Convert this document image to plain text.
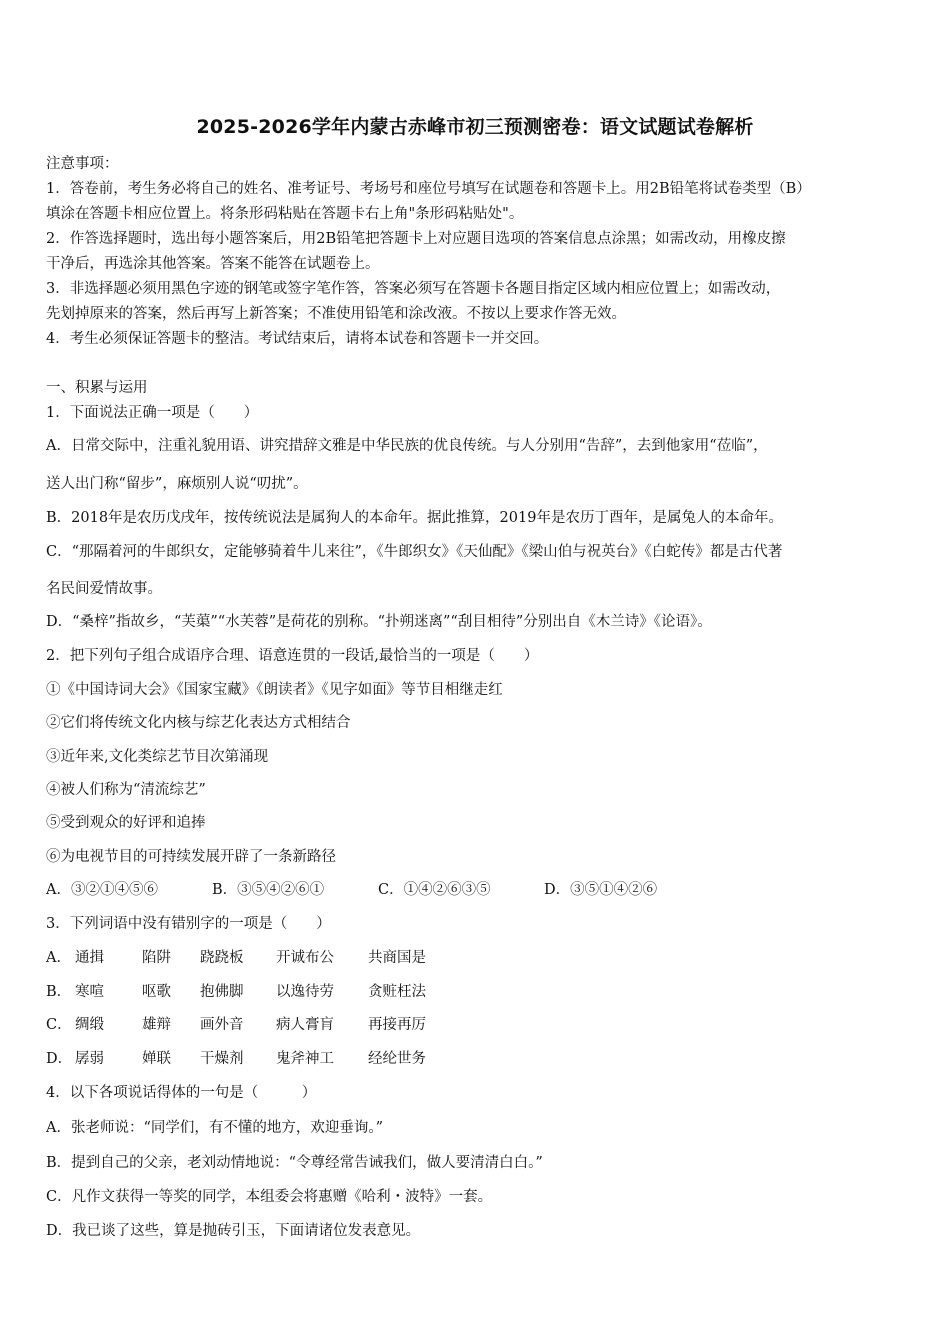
2025-2026学年内蒙古赤峰市初三预测密卷：语文试题试卷解析
注意事项：
1．答卷前，考生务必将自己的姓名、准考证号、考场号和座位号填写在试题卷和答题卡上。用2B铅笔将试卷类型（B）
填涂在答题卡相应位置上。将条形码粘贴在答题卡右上角"条形码粘贴处"。
2．作答选择题时，选出每小题答案后，用2B铅笔把答题卡上对应题目选项的答案信息点涂黑；如需改动，用橡皮擦
干净后，再选涂其他答案。答案不能答在试题卷上。
3．非选择题必须用黑色字迹的钢笔或签字笔作答，答案必须写在答题卡各题目指定区域内相应位置上；如需改动，
先划掉原来的答案，然后再写上新答案；不准使用铅笔和涂改液。不按以上要求作答无效。
4．考生必须保证答题卡的整洁。考试结束后，请将本试卷和答题卡一并交回。
一、积累与运用
1．下面说法正确一项是（　　）
A．日常交际中，注重礼貌用语、讲究措辞文雅是中华民族的优良传统。与人分别用“告辞”，去到他家用“莅临”，
送人出门称“留步”，麻烦别人说“叨扰”。
B．2018年是农历戊戌年，按传统说法是属狗人的本命年。据此推算，2019年是农历丁酉年，是属兔人的本命年。
C．“那隔着河的牛郎织女，定能够骑着牛儿来往”，《牛郎织女》《天仙配》《梁山伯与祝英台》《白蛇传》都是古代著
名民间爱情故事。
D．“桑梓”指故乡，“芙蕖”“水芙蓉”是荷花的别称。“扑朔迷离”“刮目相待”分别出自《木兰诗》《论语》。
2．把下列句子组合成语序合理、语意连贯的一段话,最恰当的一项是（　　）
①《中国诗词大会》《国家宝藏》《朗读者》《见字如面》等节目相继走红
②它们将传统文化内核与综艺化表达方式相结合
③近年来,文化类综艺节目次第涌现
④被人们称为“清流综艺”
⑤受到观众的好评和追捧
⑥为电视节目的可持续发展开辟了一条新路径
A．③②①④⑤⑥	B．③⑤④②⑥①	C．①④②⑥③⑤	D．③⑤①④②⑥
3．下列词语中没有错别字的一项是（　　）
A． 通揖	陷阱 跷跷板 开诚布公 共商国是
B． 寒喧	呕歌 抱佛脚 以逸待劳 贪赃枉法
C． 绸缎	雄辩 画外音 病人膏肓 再接再厉
D． 孱弱	婵联 干燥剂 鬼斧神工 经纶世务
4．以下各项说话得体的一句是（　　　）
A．张老师说：“同学们，有不懂的地方，欢迎垂询。”
B．提到自己的父亲，老刘动情地说：“令尊经常告诫我们，做人要清清白白。”
C．凡作文获得一等奖的同学，本组委会将惠赠《哈利・波特》一套。
D．我已谈了这些，算是抛砖引玉，下面请诸位发表意见。
